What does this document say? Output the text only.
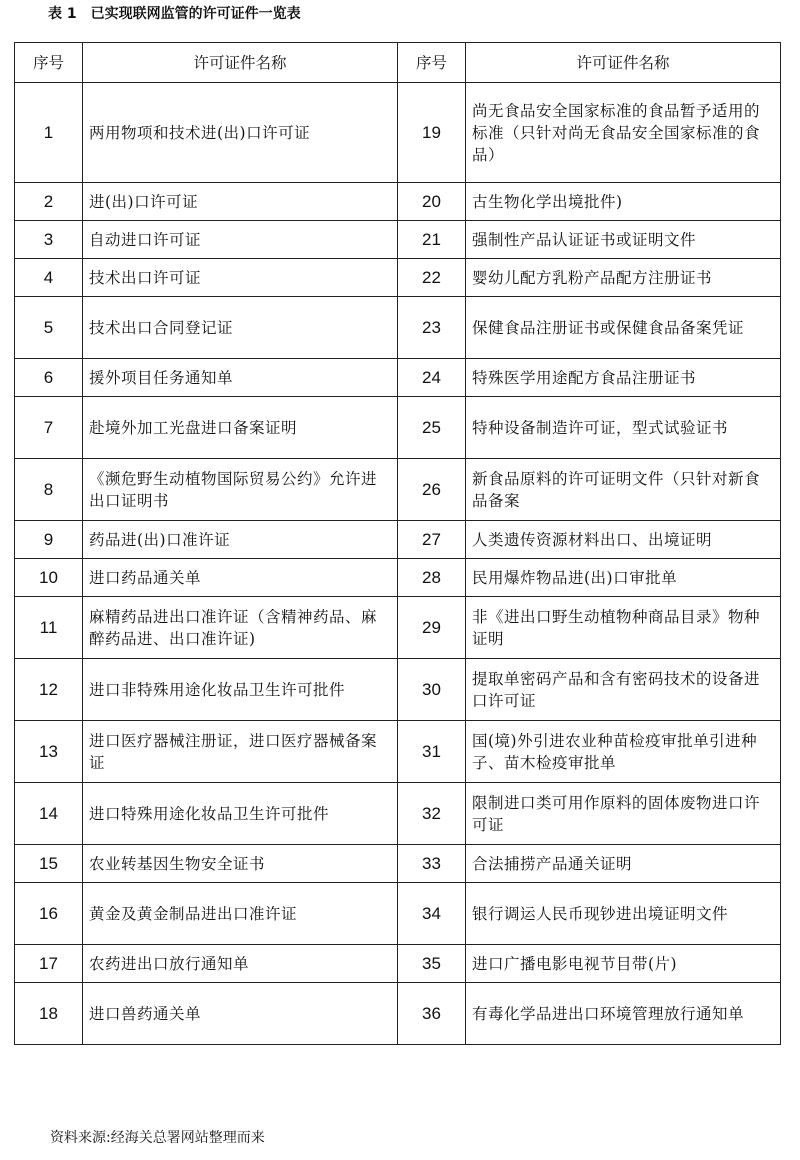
表 1 已实现联网监管的许可证件一览表
序号	许可证件名称	序号	许可证件名称
1	两用物项和技术进(出)口许可证	19	尚无食品安全国家标准的食品暂予适用的标准（只针对尚无食品安全国家标准的食品）
2	进(出)口许可证	20	古生物化学出境批件)
3	自动进口许可证	21	强制性产品认证证书或证明文件
4	技术出口许可证	22	婴幼儿配方乳粉产品配方注册证书
5	技术出口合同登记证	23	保健食品注册证书或保健食品备案凭证
6	援外项目任务通知单	24	特殊医学用途配方食品注册证书
7	赴境外加工光盘进口备案证明	25	特种设备制造许可证，型式试验证书
8	《濒危野生动植物国际贸易公约》允许进出口证明书	26	新食品原料的许可证明文件（只针对新食品备案
9	药品进(出)口准许证	27	人类遗传资源材料出口、出境证明
10	进口药品通关单	28	民用爆炸物品进(出)口审批单
11	麻精药品进出口准许证（含精神药品、麻醉药品进、出口准许证)	29	非《进出口野生动植物种商品目录》物种证明
12	进口非特殊用途化妆品卫生许可批件	30	提取单密码产品和含有密码技术的设备进口许可证
13	进口医疗器械注册证，进口医疗器械备案证	31	国(境)外引进农业种苗检疫审批单引进种子、苗木检疫审批单
14	进口特殊用途化妆品卫生许可批件	32	限制进口类可用作原料的固体废物进口许可证
15	农业转基因生物安全证书	33	合法捕捞产品通关证明
16	黄金及黄金制品进出口准许证	34	银行调运人民币现钞进出境证明文件
17	农药进出口放行通知单	35	进口广播电影电视节目带(片)
18	进口兽药通关单	36	有毒化学品进出口环境管理放行通知单
资料来源:经海关总署网站整理而来
